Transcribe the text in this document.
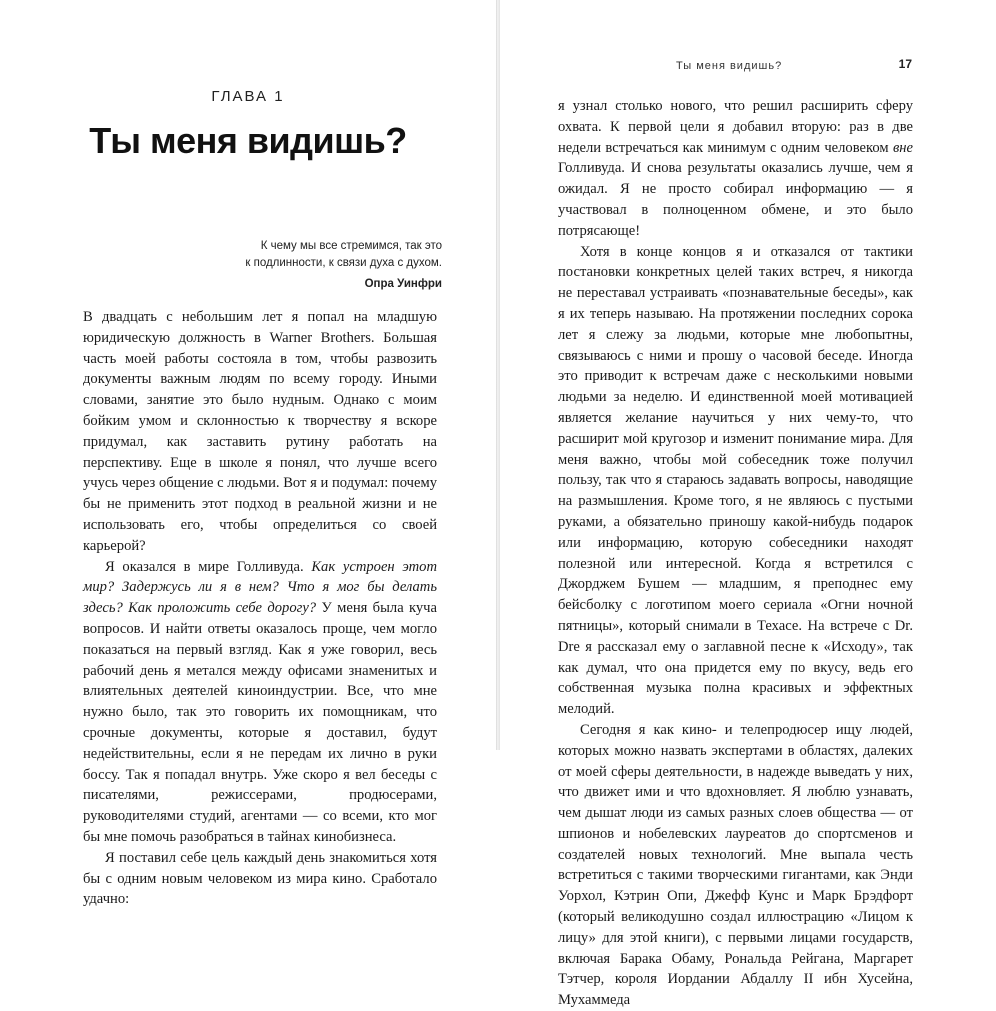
ГЛАВА 1
Ты меня видишь?
К чему мы все стремимся, так это
к подлинности, к связи духа с духом.
Опра Уинфри

В двадцать с небольшим лет я попал на младшую юридическую должность в Warner Brothers. Большая часть моей работы состояла в том, чтобы развозить документы важным людям по всему городу. Иными словами, занятие это было нудным. Однако с моим бойким умом и склонностью к творчеству я вскоре придумал, как заставить рутину работать на перспективу. Еще в школе я понял, что лучше всего учусь через общение с людьми. Вот я и подумал: почему бы не применить этот подход в реальной жизни и не использовать его, чтобы определиться со своей карьерой?

Я оказался в мире Голливуда. Как устроен этот мир? Задержусь ли я в нем? Что я мог бы делать здесь? Как проложить себе дорогу? У меня была куча вопросов. И найти ответы оказалось проще, чем могло показаться на первый взгляд. Как я уже говорил, весь рабочий день я метался между офисами знаменитых и влиятельных деятелей киноиндустрии. Все, что мне нужно было, так это говорить их помощникам, что срочные документы, которые я доставил, будут недействительны, если я не передам их лично в руки боссу. Так я попадал внутрь. Уже скоро я вел беседы с писателями, режиссерами, продюсерами, руководителями студий, агентами — со всеми, кто мог бы мне помочь разобраться в тайнах кинобизнеса.

Я поставил себе цель каждый день знакомиться хотя бы с одним новым человеком из мира кино. Сработало удачно:

Ты меня видишь?	17

я узнал столько нового, что решил расширить сферу охвата. К первой цели я добавил вторую: раз в две недели встречаться как минимум с одним человеком вне Голливуда. И снова результаты оказались лучше, чем я ожидал. Я не просто собирал информацию — я участвовал в полноценном обмене, и это было потрясающе!

Хотя в конце концов я и отказался от тактики постановки конкретных целей таких встреч, я никогда не переставал устраивать «познавательные беседы», как я их теперь называю. На протяжении последних сорока лет я слежу за людьми, которые мне любопытны, связываюсь с ними и прошу о часовой беседе. Иногда это приводит к встречам даже с несколькими новыми людьми за неделю. И единственной моей мотивацией является желание научиться у них чему-то, что расширит мой кругозор и изменит понимание мира. Для меня важно, чтобы мой собеседник тоже получил пользу, так что я стараюсь задавать вопросы, наводящие на размышления. Кроме того, я не являюсь с пустыми руками, а обязательно приношу какой-нибудь подарок или информацию, которую собеседники находят полезной или интересной. Когда я встретился с Джорджем Бушем — младшим, я преподнес ему бейсболку с логотипом моего сериала «Огни ночной пятницы», который снимали в Техасе. На встрече с Dr. Dre я рассказал ему о заглавной песне к «Исходу», так как думал, что она придется ему по вкусу, ведь его собственная музыка полна красивых и эффектных мелодий.

Сегодня я как кино- и телепродюсер ищу людей, которых можно назвать экспертами в областях, далеких от моей сферы деятельности, в надежде выведать у них, что движет ими и что вдохновляет. Я люблю узнавать, чем дышат люди из самых разных слоев общества — от шпионов и нобелевских лауреатов до спортсменов и создателей новых технологий. Мне выпала честь встретиться с такими творческими гигантами, как Энди Уорхол, Кэтрин Опи, Джефф Кунс и Марк Брэдфорт (который великодушно создал иллюстрацию «Лицом к лицу» для этой книги), с первыми лицами государств, включая Барака Обаму, Рональда Рейгана, Маргарет Тэтчер, короля Иордании Абдаллу II ибн Хусейна, Мухаммеда
